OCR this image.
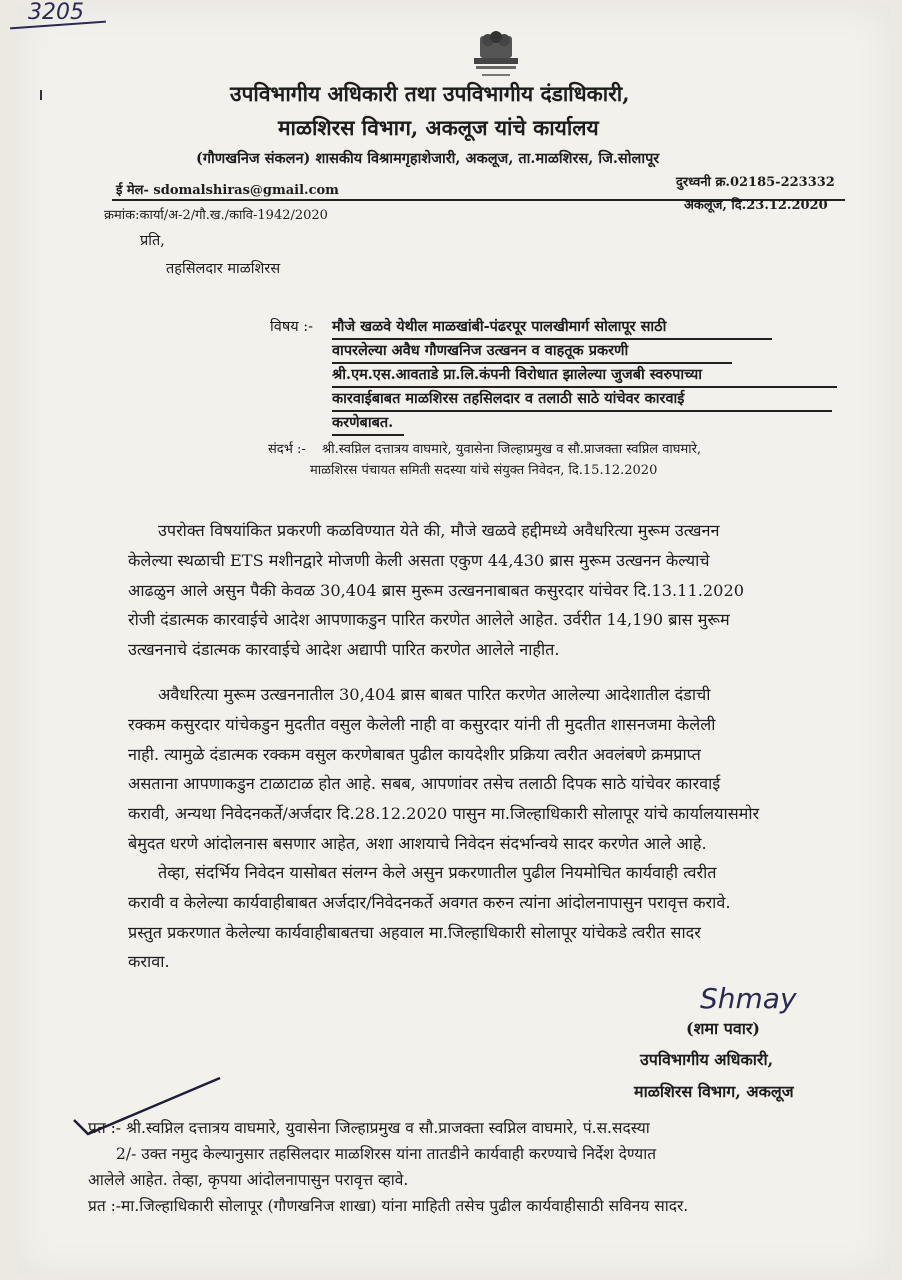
3205
उपविभागीय अधिकारी तथा उपविभागीय दंडाधिकारी,
माळशिरस विभाग, अकलूज यांचे कार्यालय
(गौणखनिज संकलन) शासकीय विश्रामगृहाशेजारी, अकलूज, ता.माळशिरस, जि.सोलापूर
ई मेल- sdomalshiras@gmail.com
दुरध्वनी क्र.02185-223332
क्रमांक:कार्या/अ-2/गौ.ख./कावि-1942/2020
अकलूज, दि.23.12.2020
प्रति,
तहसिलदार माळशिरस
विषय :- मौजे खळवे येथील माळखांबी-पंढरपूर पालखीमार्ग सोलापूर साठी
वापरलेल्या अवैध गौणखनिज उत्खनन व वाहतूक प्रकरणी
श्री.एम.एस.आवताडे प्रा.लि.कंपनी विरोधात झालेल्या जुजबी स्वरुपाच्या
कारवाईबाबत माळशिरस तहसिलदार व तलाठी साठे यांचेवर कारवाई
करणेबाबत.
संदर्भ :- श्री.स्वप्निल दत्तात्रय वाघमारे, युवासेना जिल्हाप्रमुख व सौ.प्राजक्ता स्वप्निल वाघमारे,
माळशिरस पंचायत समिती सदस्या यांचे संयुक्त निवेदन, दि.15.12.2020
उपरोक्त विषयांकित प्रकरणी कळविण्यात येते की, मौजे खळवे हद्दीमध्ये अवैधरित्या मुरूम उत्खनन
केलेल्या स्थळाची ETS मशीनद्वारे मोजणी केली असता एकुण 44,430 ब्रास मुरूम उत्खनन केल्याचे
आढळुन आले असुन पैकी केवळ 30,404 ब्रास मुरूम उत्खननाबाबत कसुरदार यांचेवर दि.13.11.2020
रोजी दंडात्मक कारवाईचे आदेश आपणाकडुन पारित करणेत आलेले आहेत. उर्वरीत 14,190 ब्रास मुरूम
उत्खननाचे दंडात्मक कारवाईचे आदेश अद्यापी पारित करणेत आलेले नाहीत.
अवैधरित्या मुरूम उत्खननातील 30,404 ब्रास बाबत पारित करणेत आलेल्या आदेशातील दंडाची
रक्कम कसुरदार यांचेकडुन मुदतीत वसुल केलेली नाही वा कसुरदार यांनी ती मुदतीत शासनजमा केलेली
नाही. त्यामुळे दंडात्मक रक्कम वसुल करणेबाबत पुढील कायदेशीर प्रक्रिया त्वरीत अवलंबणे क्रमप्राप्त
असताना आपणाकडुन टाळाटाळ होत आहे. सबब, आपणांवर तसेच तलाठी दिपक साठे यांचेवर कारवाई
करावी, अन्यथा निवेदनकर्ते/अर्जदार दि.28.12.2020 पासुन मा.जिल्हाधिकारी सोलापूर यांचे कार्यालयासमोर
बेमुदत धरणे आंदोलनास बसणार आहेत, अशा आशयाचे निवेदन संदर्भान्वये सादर करणेत आले आहे.
तेव्हा, संदर्भिय निवेदन यासोबत संलग्न केले असुन प्रकरणातील पुढील नियमोचित कार्यवाही त्वरीत
करावी व केलेल्या कार्यवाहीबाबत अर्जदार/निवेदनकर्ते अवगत करुन त्यांना आंदोलनापासुन परावृत्त करावे.
प्रस्तुत प्रकरणात केलेल्या कार्यवाहीबाबतचा अहवाल मा.जिल्हाधिकारी सोलापूर यांचेकडे त्वरीत सादर
करावा.
Shmay
(शमा पवार)
उपविभागीय अधिकारी,
माळशिरस विभाग, अकलूज
प्रत :- श्री.स्वप्निल दत्तात्रय वाघमारे, युवासेना जिल्हाप्रमुख व सौ.प्राजक्ता स्वप्निल वाघमारे, पं.स.सदस्या
2/- उक्त नमुद केल्यानुसार तहसिलदार माळशिरस यांना तातडीने कार्यवाही करण्याचे निर्देश देण्यात
आलेले आहेत. तेव्हा, कृपया आंदोलनापासुन परावृत्त व्हावे.
प्रत :-मा.जिल्हाधिकारी सोलापूर (गौणखनिज शाखा) यांना माहिती तसेच पुढील कार्यवाहीसाठी सविनय सादर.
